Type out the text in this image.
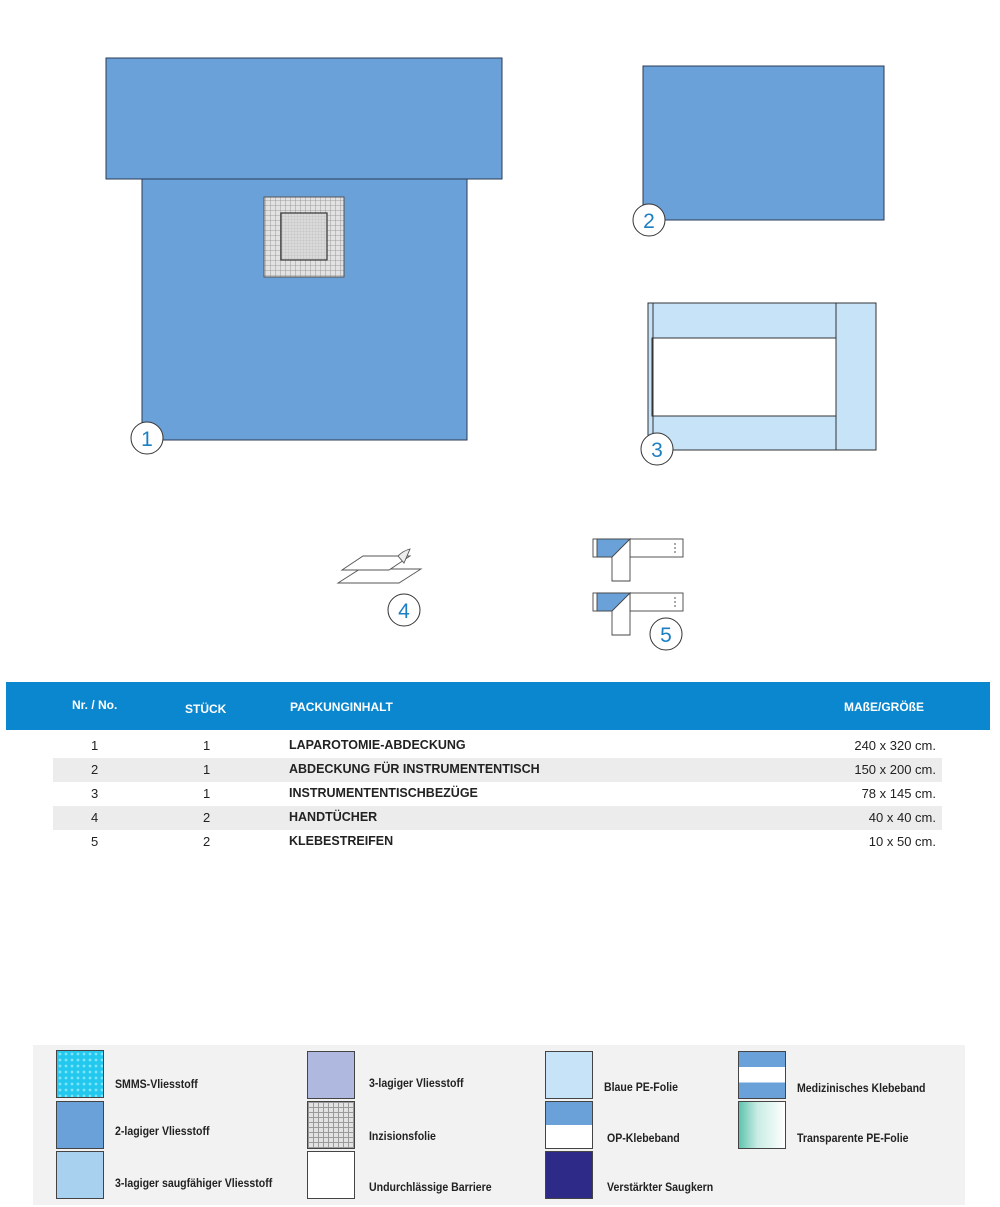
1
2
3
4
5
Nr. / No.	STÜCK	PACKUNGINHALT	MAßE/GRÖßE
1	1	LAPAROTOMIE-ABDECKUNG	240 x 320 cm.
2	1	ABDECKUNG FÜR INSTRUMENTENTISCH	150 x 200 cm.
3	1	INSTRUMENTENTISCHBEZÜGE	78 x 145 cm.
4	2	HANDTÜCHER	40 x 40 cm.
5	2	KLEBESTREIFEN	10 x 50 cm.
SMMS-Vliesstoff
2-lagiger Vliesstoff
3-lagiger saugfähiger Vliesstoff
3-lagiger Vliesstoff
Inzisionsfolie
Undurchlässige Barriere
Blaue PE-Folie
OP-Klebeband
Verstärkter Saugkern
Medizinisches Klebeband
Transparente PE-Folie
